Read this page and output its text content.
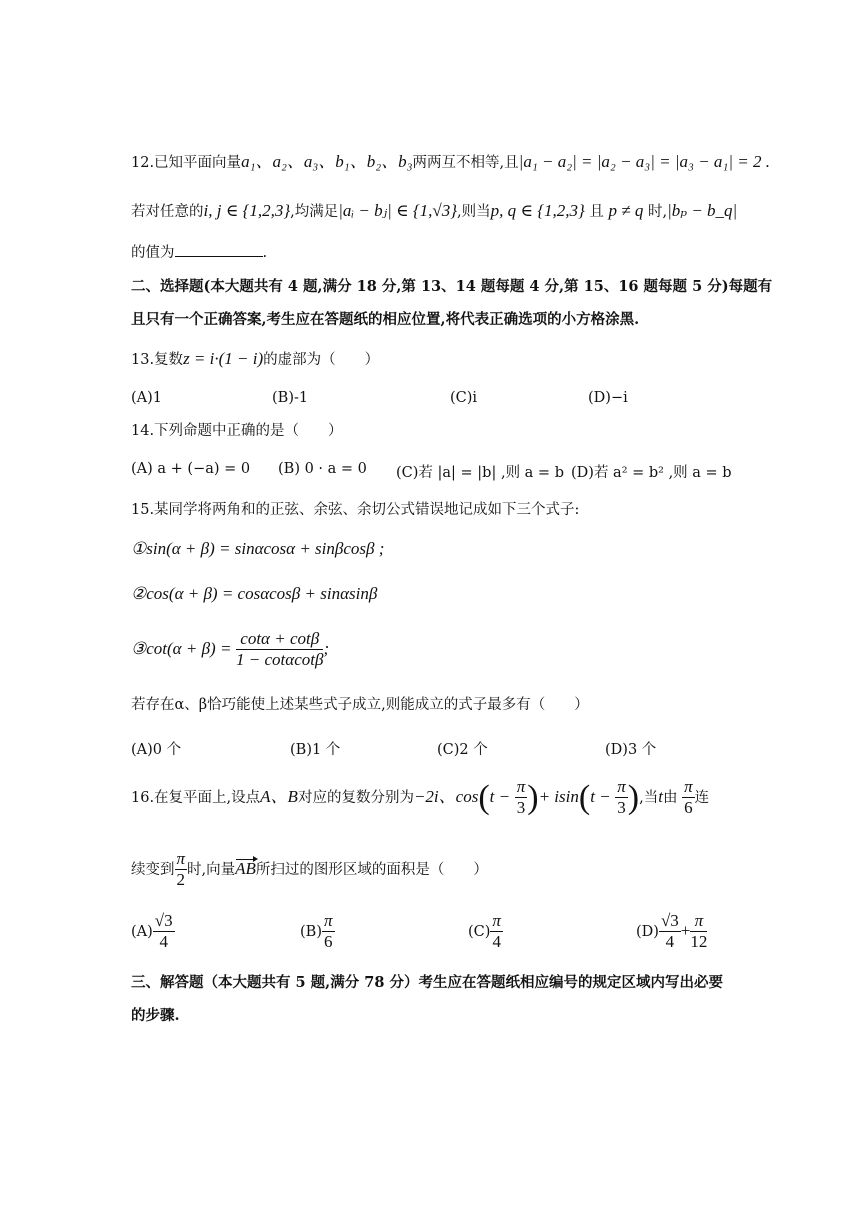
12.已知平面向量a₁、a₂、a₃、b₁、b₂、b₃两两互不相等,且|a₁ − a₂| = |a₂ − a₃| = |a₃ − a₁| = 2 .
若对任意的i, j ∈ {1,2,3},均满足|aᵢ − bⱼ| ∈ {1,√3},则当p, q ∈ {1,2,3} 且 p ≠ q 时,|bₚ − b_q|
的值为	.
二、选择题(本大题共有 4 题,满分 18 分,第 13、14 题每题 4 分,第 15、16 题每题 5 分)每题有
且只有一个正确答案,考生应在答题纸的相应位置,将代表正确选项的小方格涂黑.
13.复数z = i·(1 − i)的虚部为（　　）
(A)1	(B)-1	(C)i	(D)−i
14.下列命题中正确的是（　　）
(A) a + (−a) = 0 (B) 0 · a = 0 (C)若 |a| = |b| ,则 a = b (D)若 a² = b² ,则 a = b
15.某同学将两角和的正弦、余弦、余切公式错误地记成如下三个式子:
①sin(α + β) = sinαcosα + sinβcosβ ;
②cos(α + β) = cosαcosβ + sinαsinβ
③cot(α + $\beta) = \frac{\cot\alpha + \cot\beta}{1 - \cot\alpha\cot\beta}$ ;
若存在α、β恰巧能使上述某些式子成立,则能成立的式子最多有（　　）
(A)0 个	(B)1 个	(C)2 个	(D)3 个
16.在复平面上,设点A、B对应的复数分别为−2i、$\cos(t - \frac{\pi}{3}$ )+ $isin(t - \frac{\pi}{3}$ ),当t由 $\frac{\pi}{6}$ 连
续变到 $\frac{\pi}{2}$ 时,向量AB所扫过的图形区域的面积是（　　）
$(A) \frac{√3}{4}$	$(B) \frac{\pi}{6}$	$(C) \frac{\pi}{4}$	$(D) \frac{√3}{4} + \frac{\pi}{12}$
三、解答题（本大题共有 5 题,满分 78 分）考生应在答题纸相应编号的规定区域内写出必要
的步骤.
